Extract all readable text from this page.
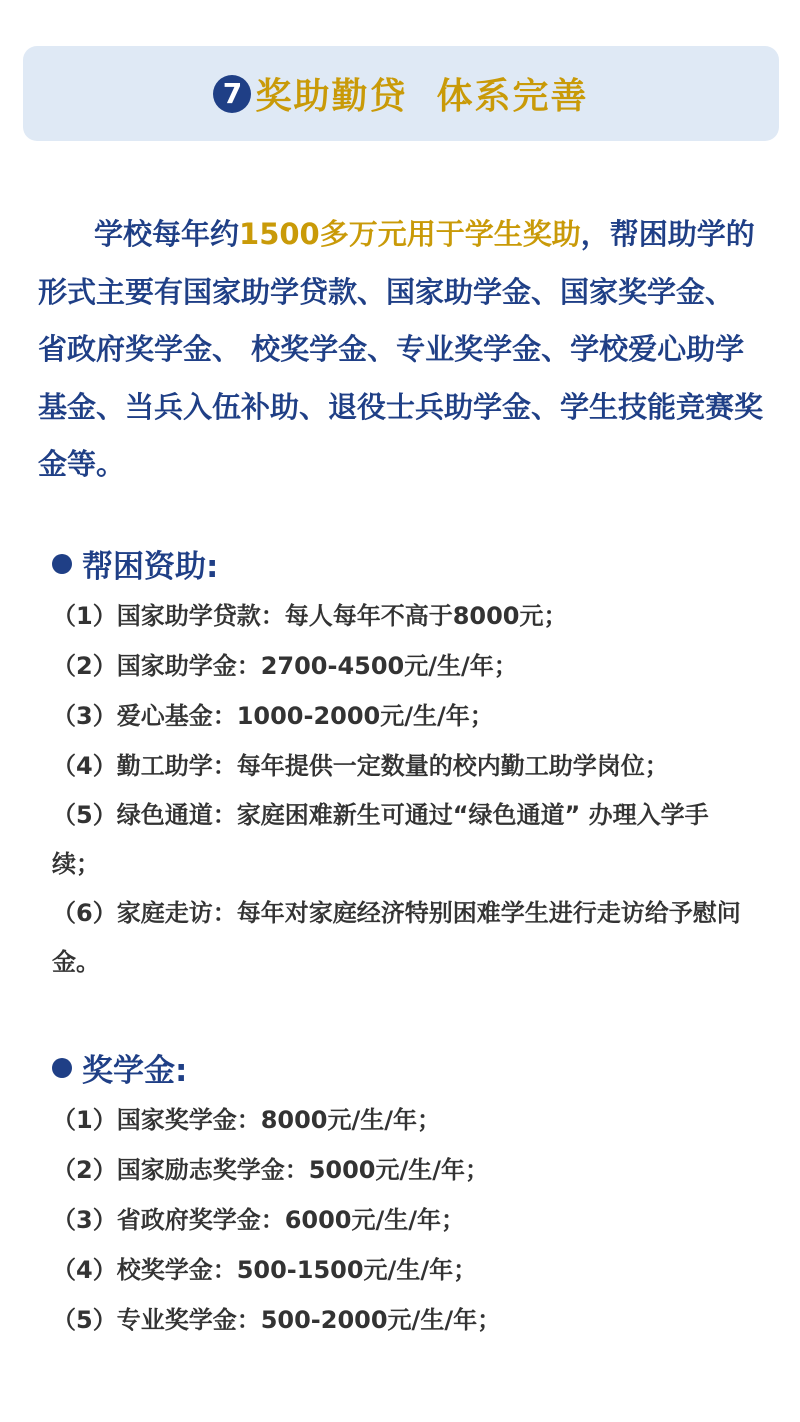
7 奖助勤贷  体系完善

学校每年约1500多万元用于学生奖助，帮困助学的形式主要有国家助学贷款、国家助学金、国家奖学金、 省政府奖学金、 校奖学金、专业奖学金、学校爱心助学基金、当兵入伍补助、退役士兵助学金、学生技能竞赛奖金等。

帮困资助:
（1）国家助学贷款：每人每年不高于8000元；
（2）国家助学金：2700-4500元/生/年；
（3）爱心基金：1000-2000元/生/年；
（4）勤工助学：每年提供一定数量的校内勤工助学岗位；
（5）绿色通道：家庭困难新生可通过“绿色通道” 办理入学手续；
（6）家庭走访：每年对家庭经济特别困难学生进行走访给予慰问金。
奖学金:
（1）国家奖学金：8000元/生/年；
（2）国家励志奖学金：5000元/生/年；
（3）省政府奖学金：6000元/生/年；
（4）校奖学金：500-1500元/生/年；
（5）专业奖学金：500-2000元/生/年；
